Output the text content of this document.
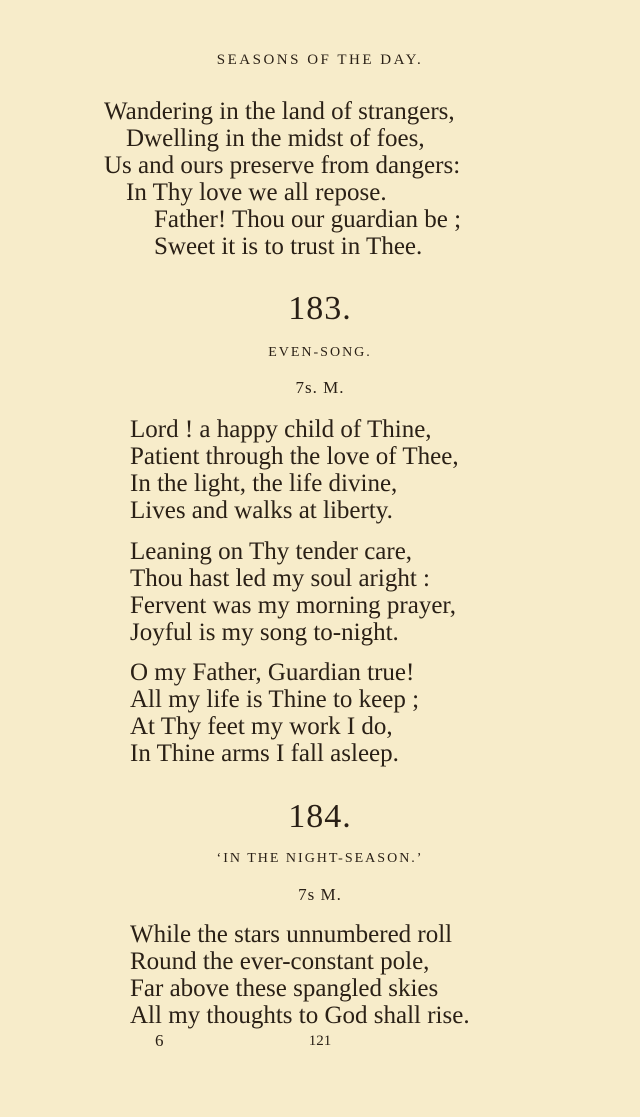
SEASONS OF THE DAY.
Wandering in the land of strangers,
Dwelling in the midst of foes,
Us and ours preserve from dangers:
In Thy love we all repose.
Father! Thou our guardian be ;
Sweet it is to trust in Thee.
183.
EVEN-SONG.
7s. M.
Lord ! a happy child of Thine,
Patient through the love of Thee,
In the light, the life divine,
Lives and walks at liberty.
Leaning on Thy tender care,
Thou hast led my soul aright :
Fervent was my morning prayer,
Joyful is my song to-night.
O my Father, Guardian true!
All my life is Thine to keep ;
At Thy feet my work I do,
In Thine arms I fall asleep.
184.
‘IN THE NIGHT-SEASON.’
7s M.
While the stars unnumbered roll
Round the ever-constant pole,
Far above these spangled skies
All my thoughts to God shall rise.
6	121
